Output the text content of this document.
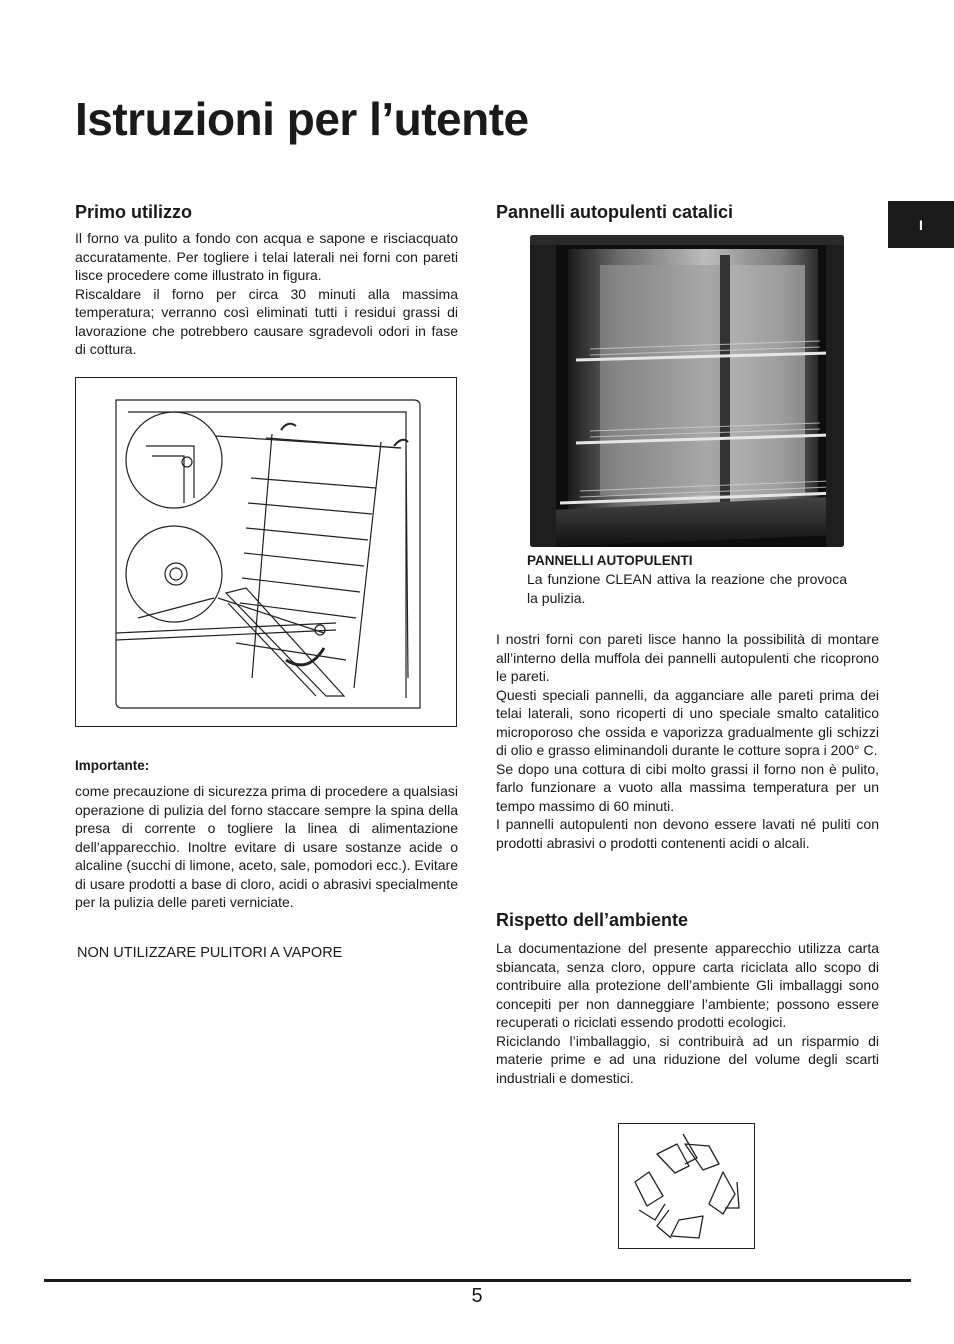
Istruzioni per l’utente
I
Primo utilizzo

Il forno va pulito a fondo con acqua e sapone e risciacquato accuratamente. Per togliere i telai laterali nei forni con pareti lisce procedere come illustrato in figura.
Riscaldare il forno per circa 30 minuti alla massima temperatura; verranno così eliminati tutti i residui grassi di lavorazione che potrebbero causare sgradevoli odori in fase di cottura.

Importante:

come precauzione di sicurezza prima di procedere a qualsiasi operazione di pulizia del forno staccare sempre la spina della presa di corrente o togliere la linea di alimentazione dell’apparecchio. Inoltre evitare di usare sostanze acide o alcaline (succhi di limone, aceto, sale, pomodori ecc.). Evitare di usare prodotti a base di cloro, acidi o abrasivi specialmente per la pulizia delle pareti verniciate.

NON UTILIZZARE PULITORI A VAPORE
Pannelli autopulenti catalici
PANNELLI AUTOPULENTI
La funzione CLEAN attiva la reazione che provoca la pulizia.

I nostri forni con pareti lisce hanno la possibilità di montare all’interno della muffola dei pannelli autopulenti che ricoprono le pareti.
Questi speciali pannelli, da agganciare alle pareti prima dei telai laterali, sono ricoperti di uno speciale smalto catalitico microporoso che ossida e vaporizza gradualmente gli schizzi di olio e grasso eliminandoli durante le cotture sopra i 200° C.
Se dopo una cottura di cibi molto grassi il forno non è pulito, farlo funzionare a vuoto alla massima temperatura per un tempo massimo di 60 minuti.
I pannelli autopulenti non devono essere lavati né puliti con prodotti abrasivi o prodotti contenenti acidi o alcali.

Rispetto dell’ambiente

La documentazione del presente apparecchio utilizza carta sbiancata, senza cloro, oppure carta riciclata allo scopo di contribuire alla protezione dell’ambiente Gli imballaggi sono concepiti per non danneggiare l’ambiente; possono essere recuperati o riciclati essendo prodotti ecologici.
Riciclando l’imballaggio, si contribuirà ad un risparmio di materie prime e ad una riduzione del volume degli scarti industriali e domestici.

5
